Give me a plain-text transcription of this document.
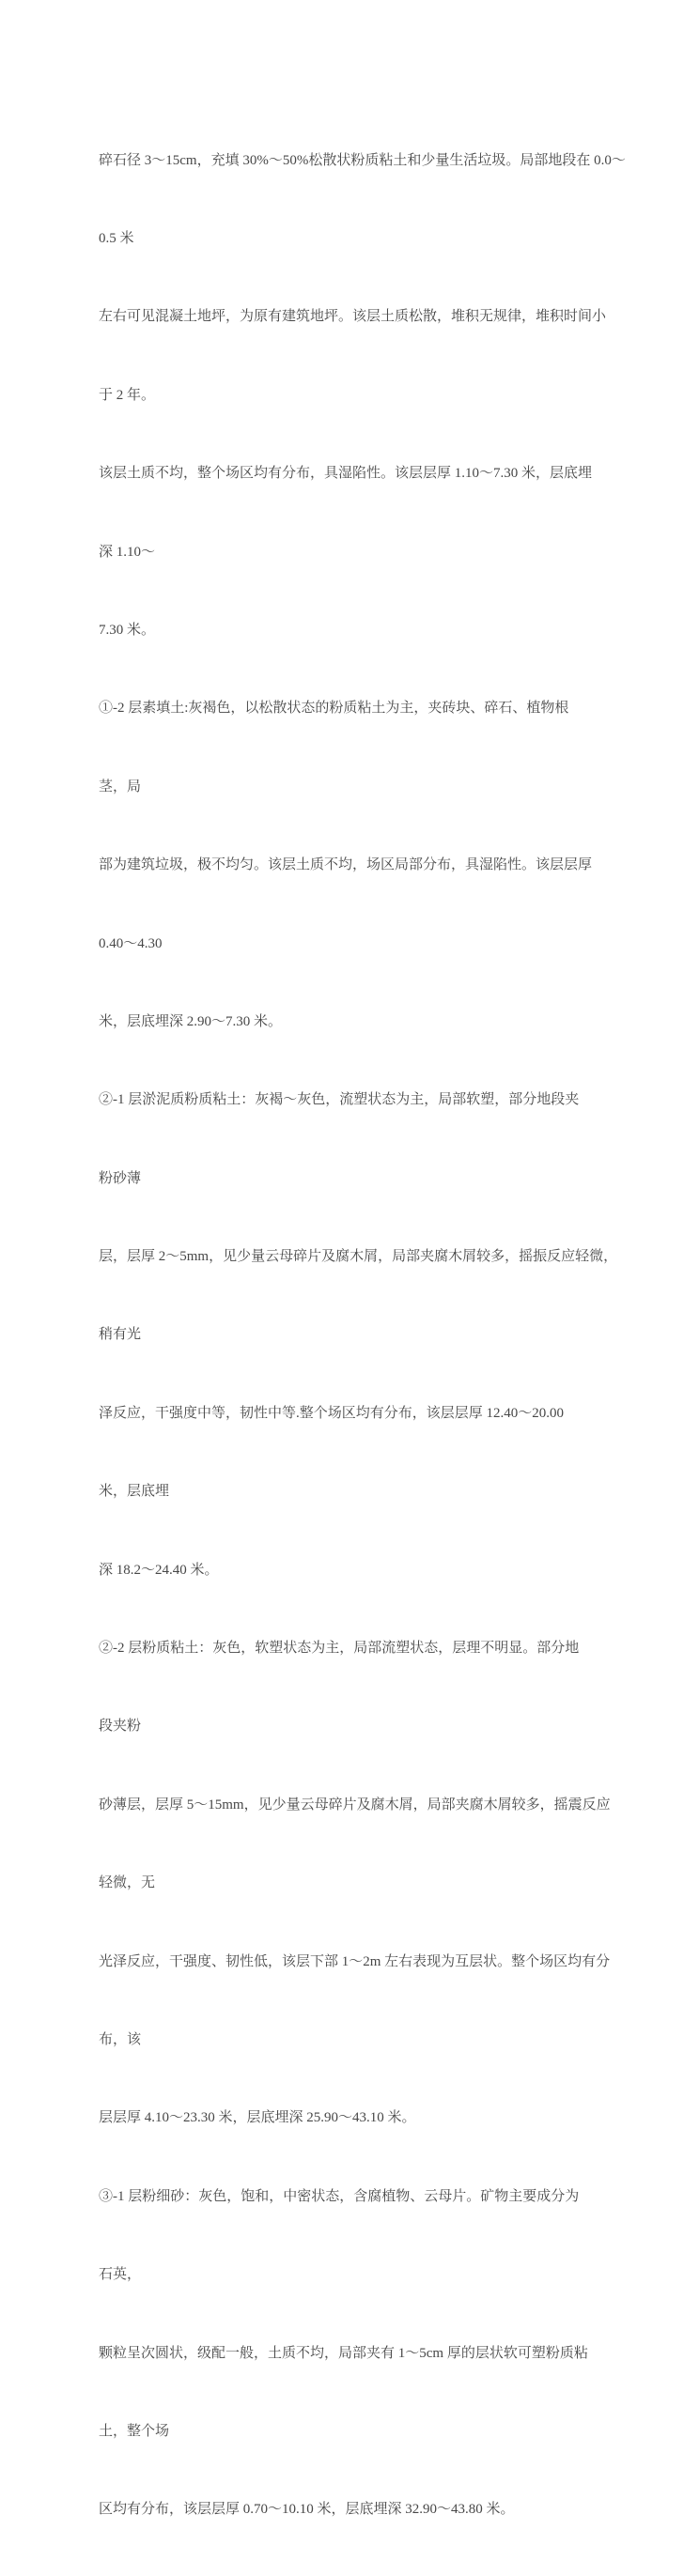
碎石径 3～15cm，充填 30%～50%松散状粉质粘土和少量生活垃圾。局部地段在 0.0～

0.5 米

左右可见混凝土地坪，为原有建筑地坪。该层土质松散，堆积无规律，堆积时间小

于 2 年。

该层土质不均，整个场区均有分布，具湿陷性。该层层厚 1.10～7.30 米，层底埋

深 1.10～

7.30 米。

①-2 层素填土:灰褐色，以松散状态的粉质粘土为主，夹砖块、碎石、植物根

茎，局

部为建筑垃圾，极不均匀。该层土质不均，场区局部分布，具湿陷性。该层层厚

0.40～4.30

米，层底埋深 2.90～7.30 米。

②-1 层淤泥质粉质粘土：灰褐～灰色，流塑状态为主，局部软塑，部分地段夹

粉砂薄

层，层厚 2～5mm，见少量云母碎片及腐木屑，局部夹腐木屑较多，摇振反应轻微，

稍有光

泽反应，干强度中等，韧性中等.整个场区均有分布，该层层厚 12.40～20.00

米，层底埋

深 18.2～24.40 米。

②-2 层粉质粘土：灰色，软塑状态为主，局部流塑状态，层理不明显。部分地

段夹粉

砂薄层，层厚 5～15mm，见少量云母碎片及腐木屑，局部夹腐木屑较多，摇震反应

轻微，无

光泽反应，干强度、韧性低，该层下部 1～2m 左右表现为互层状。整个场区均有分

布，该

层层厚 4.10～23.30 米，层底埋深 25.90～43.10 米。

③-1 层粉细砂：灰色，饱和，中密状态，含腐植物、云母片。矿物主要成分为

石英，

颗粒呈次圆状，级配一般，土质不均，局部夹有 1～5cm 厚的层状软可塑粉质粘

土，整个场

区均有分布，该层层厚 0.70～10.10 米，层底埋深 32.90～43.80 米。
